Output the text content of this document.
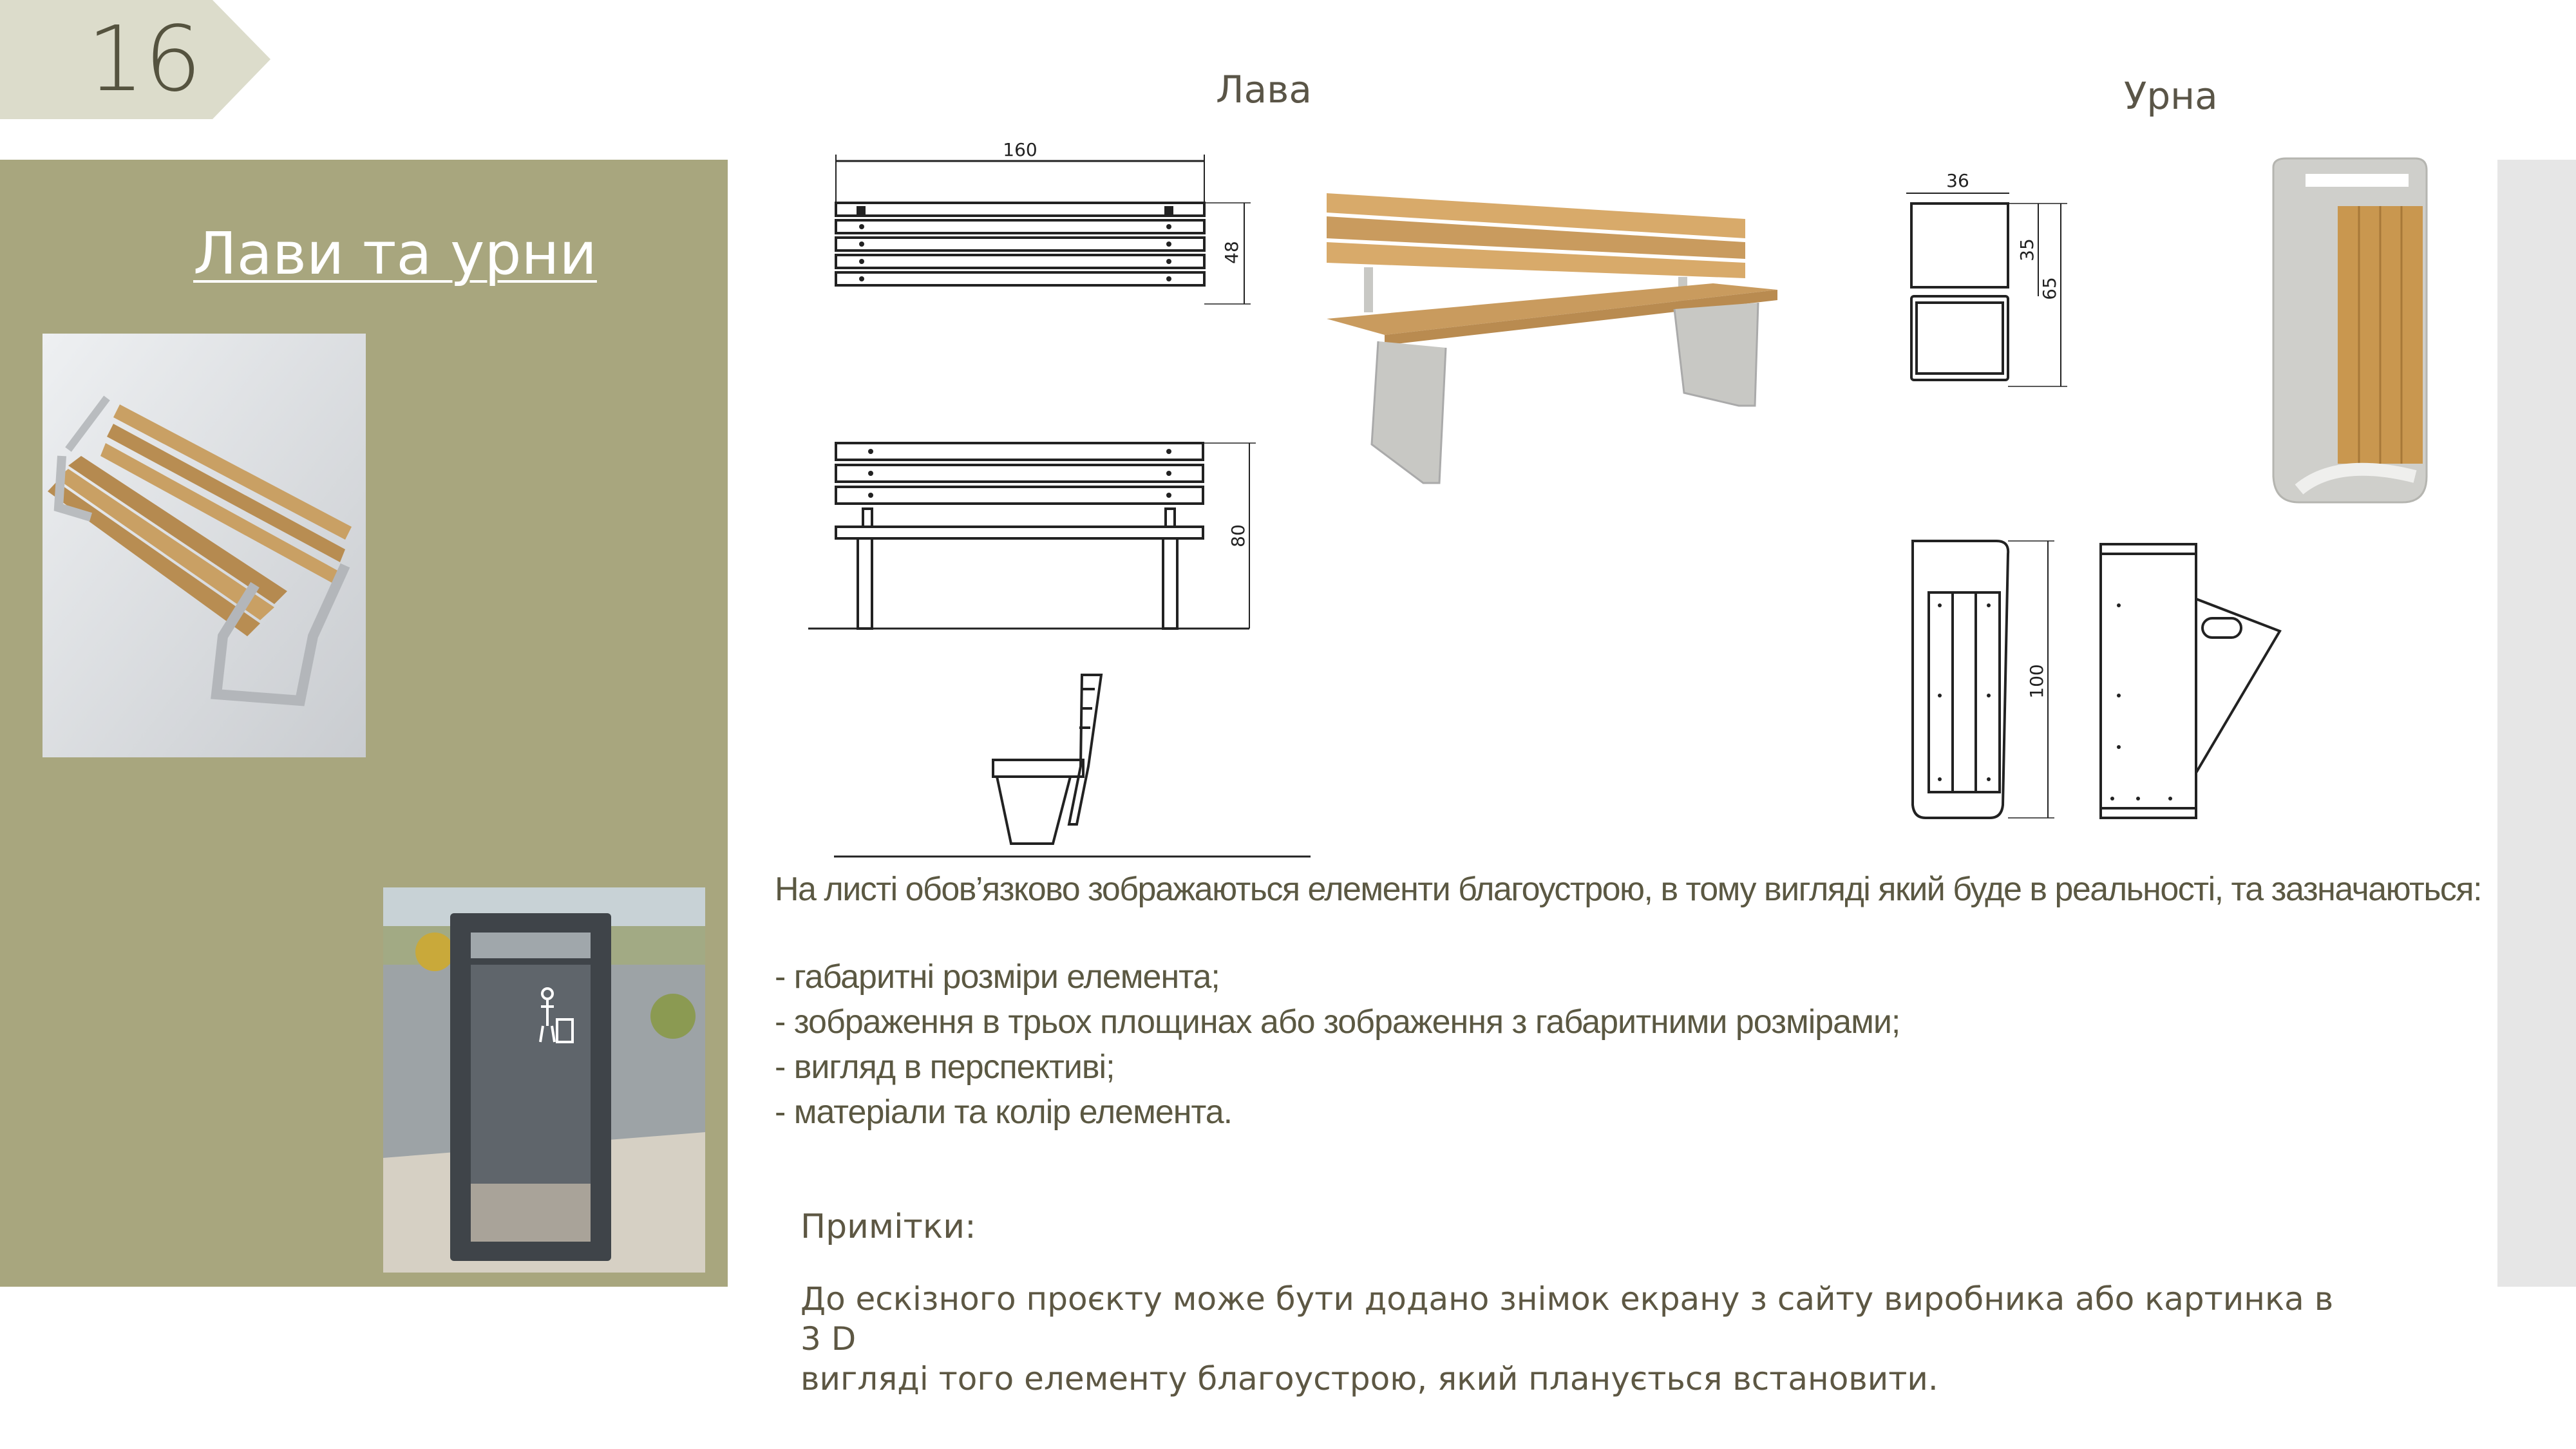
16
Лави та урни
Лава	Урна
160
48
80
36
35
65
100
На листі обов’язково зображаються елементи благоустрою, в тому вигляді який буде в реальності, та зазначаються:
- габаритні розміри елемента;
- зображення в трьох площинах або зображення з габаритними розмірами;
- вигляд в перспективі;
- матеріали та колір елемента.
Примітки:
До ескізного проєкту може бути додано знімок екрану з сайту виробника або картинка в 3 D
вигляді того елементу благоустрою, який планується встановити.
